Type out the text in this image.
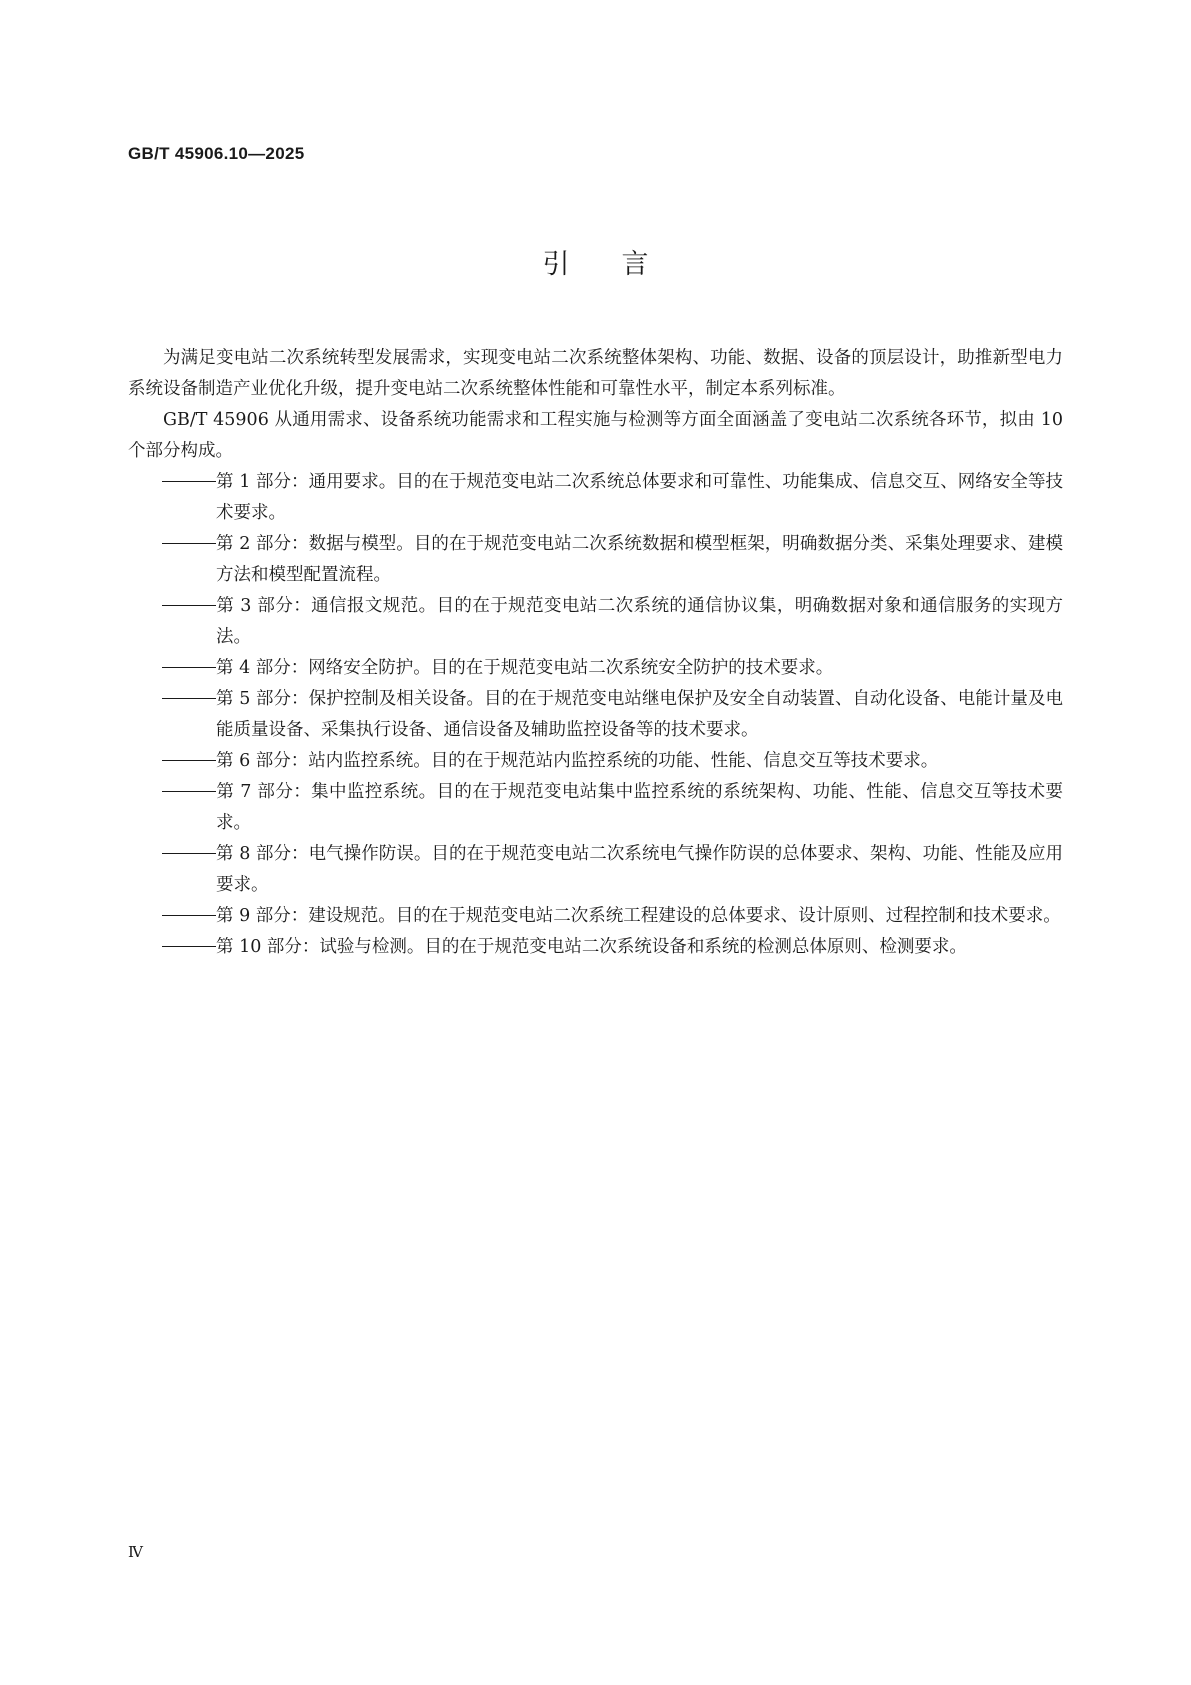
GB/T 45906.10—2025

引言

为满足变电站二次系统转型发展需求，实现变电站二次系统整体架构、功能、数据、设备的顶层设计，助推新型电力系统设备制造产业优化升级，提升变电站二次系统整体性能和可靠性水平，制定本系列标准。

GB/T 45906 从通用需求、设备系统功能需求和工程实施与检测等方面全面涵盖了变电站二次系统各环节，拟由 10 个部分构成。

第 1 部分：通用要求。目的在于规范变电站二次系统总体要求和可靠性、功能集成、信息交互、网络安全等技术要求。
第 2 部分：数据与模型。目的在于规范变电站二次系统数据和模型框架，明确数据分类、采集处理要求、建模方法和模型配置流程。
第 3 部分：通信报文规范。目的在于规范变电站二次系统的通信协议集，明确数据对象和通信服务的实现方法。
第 4 部分：网络安全防护。目的在于规范变电站二次系统安全防护的技术要求。
第 5 部分：保护控制及相关设备。目的在于规范变电站继电保护及安全自动装置、自动化设备、电能计量及电能质量设备、采集执行设备、通信设备及辅助监控设备等的技术要求。
第 6 部分：站内监控系统。目的在于规范站内监控系统的功能、性能、信息交互等技术要求。
第 7 部分：集中监控系统。目的在于规范变电站集中监控系统的系统架构、功能、性能、信息交互等技术要求。
第 8 部分：电气操作防误。目的在于规范变电站二次系统电气操作防误的总体要求、架构、功能、性能及应用要求。
第 9 部分：建设规范。目的在于规范变电站二次系统工程建设的总体要求、设计原则、过程控制和技术要求。
第 10 部分：试验与检测。目的在于规范变电站二次系统设备和系统的检测总体原则、检测要求。

Ⅳ
